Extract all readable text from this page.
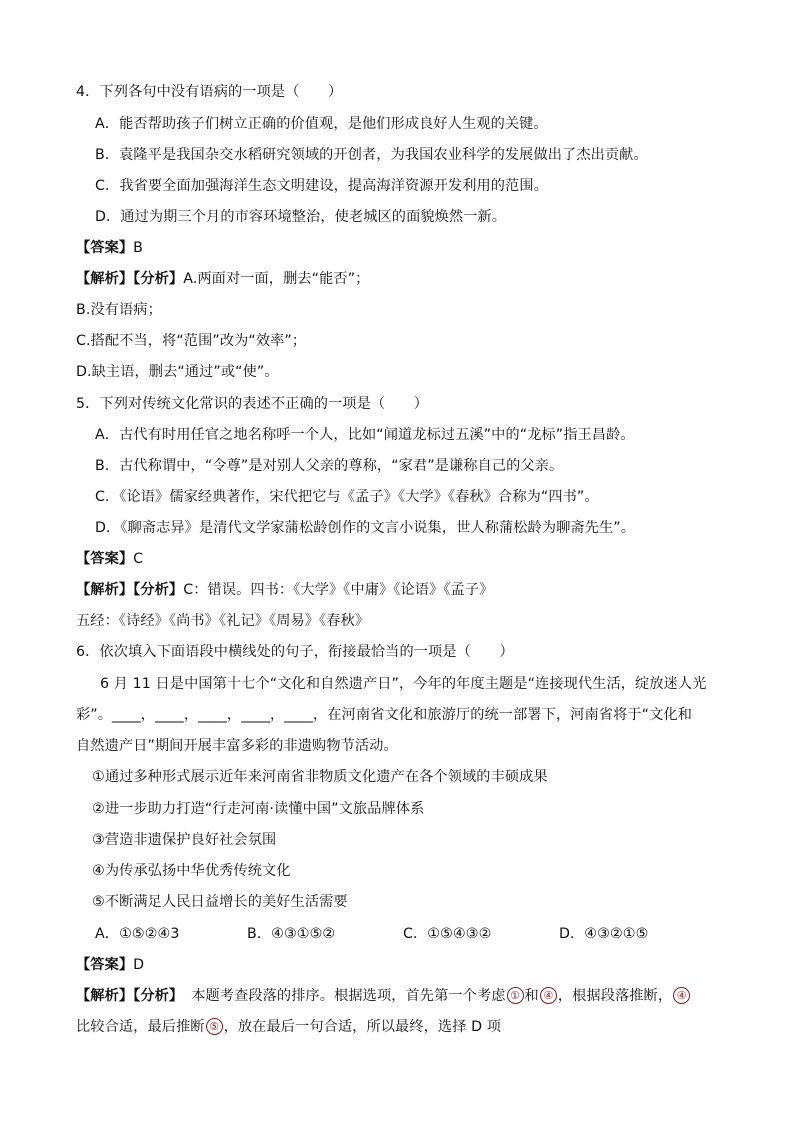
4．下列各句中没有语病的一项是（　　）
A．能否帮助孩子们树立正确的价值观，是他们形成良好人生观的关键。
B．袁隆平是我国杂交水稻研究领域的开创者，为我国农业科学的发展做出了杰出贡献。
C．我省要全面加强海洋生态文明建设，提高海洋资源开发利用的范围。
D．通过为期三个月的市容环境整治，使老城区的面貌焕然一新。
【答案】B
【解析】【分析】A.两面对一面，删去“能否”；
B.没有语病；
C.搭配不当，将“范围”改为“效率”；
D.缺主语，删去“通过”或“使”。
5．下列对传统文化常识的表述不正确的一项是（　　）
A．古代有时用任官之地名称呼一个人，比如“闻道龙标过五溪”中的“龙标”指王昌龄。
B．古代称谓中，“令尊”是对别人父亲的尊称，“家君”是谦称自己的父亲。
C．《论语》儒家经典著作，宋代把它与《孟子》《大学》《春秋》合称为“四书”。
D．《聊斋志异》是清代文学家蒲松龄创作的文言小说集，世人称蒲松龄为聊斋先生”。
【答案】C
【解析】【分析】C：错误。四书：《大学》《中庸》《论语》《孟子》
五经：《诗经》《尚书》《礼记》《周易》《春秋》
6．依次填入下面语段中横线处的句子，衔接最恰当的一项是（　　）
6 月 11 日是中国第十七个“文化和自然遗产日”，今年的年度主题是“连接现代生活，绽放迷人光
彩”。____，____，____，____，____，在河南省文化和旅游厅的统一部署下，河南省将于“文化和
自然遗产日”期间开展丰富多彩的非遗购物节活动。
①通过多种形式展示近年来河南省非物质文化遗产在各个领域的丰硕成果
②进一步助力打造“行走河南·读懂中国”文旅品牌体系
③营造非遗保护良好社会氛围
④为传承弘扬中华优秀传统文化
⑤不断满足人民日益增长的美好生活需要
A．①⑤②④3	B．④③①⑤②	C．①⑤④③②	D．④③②①⑤
【答案】D
【解析】【分析】 本题考查段落的排序。根据选项，首先第一个考虑 ① 和 ④ ，根据段落推断， ④
比较合适，最后推断 ⑤ ，放在最后一句合适，所以最终，选择 D 项
